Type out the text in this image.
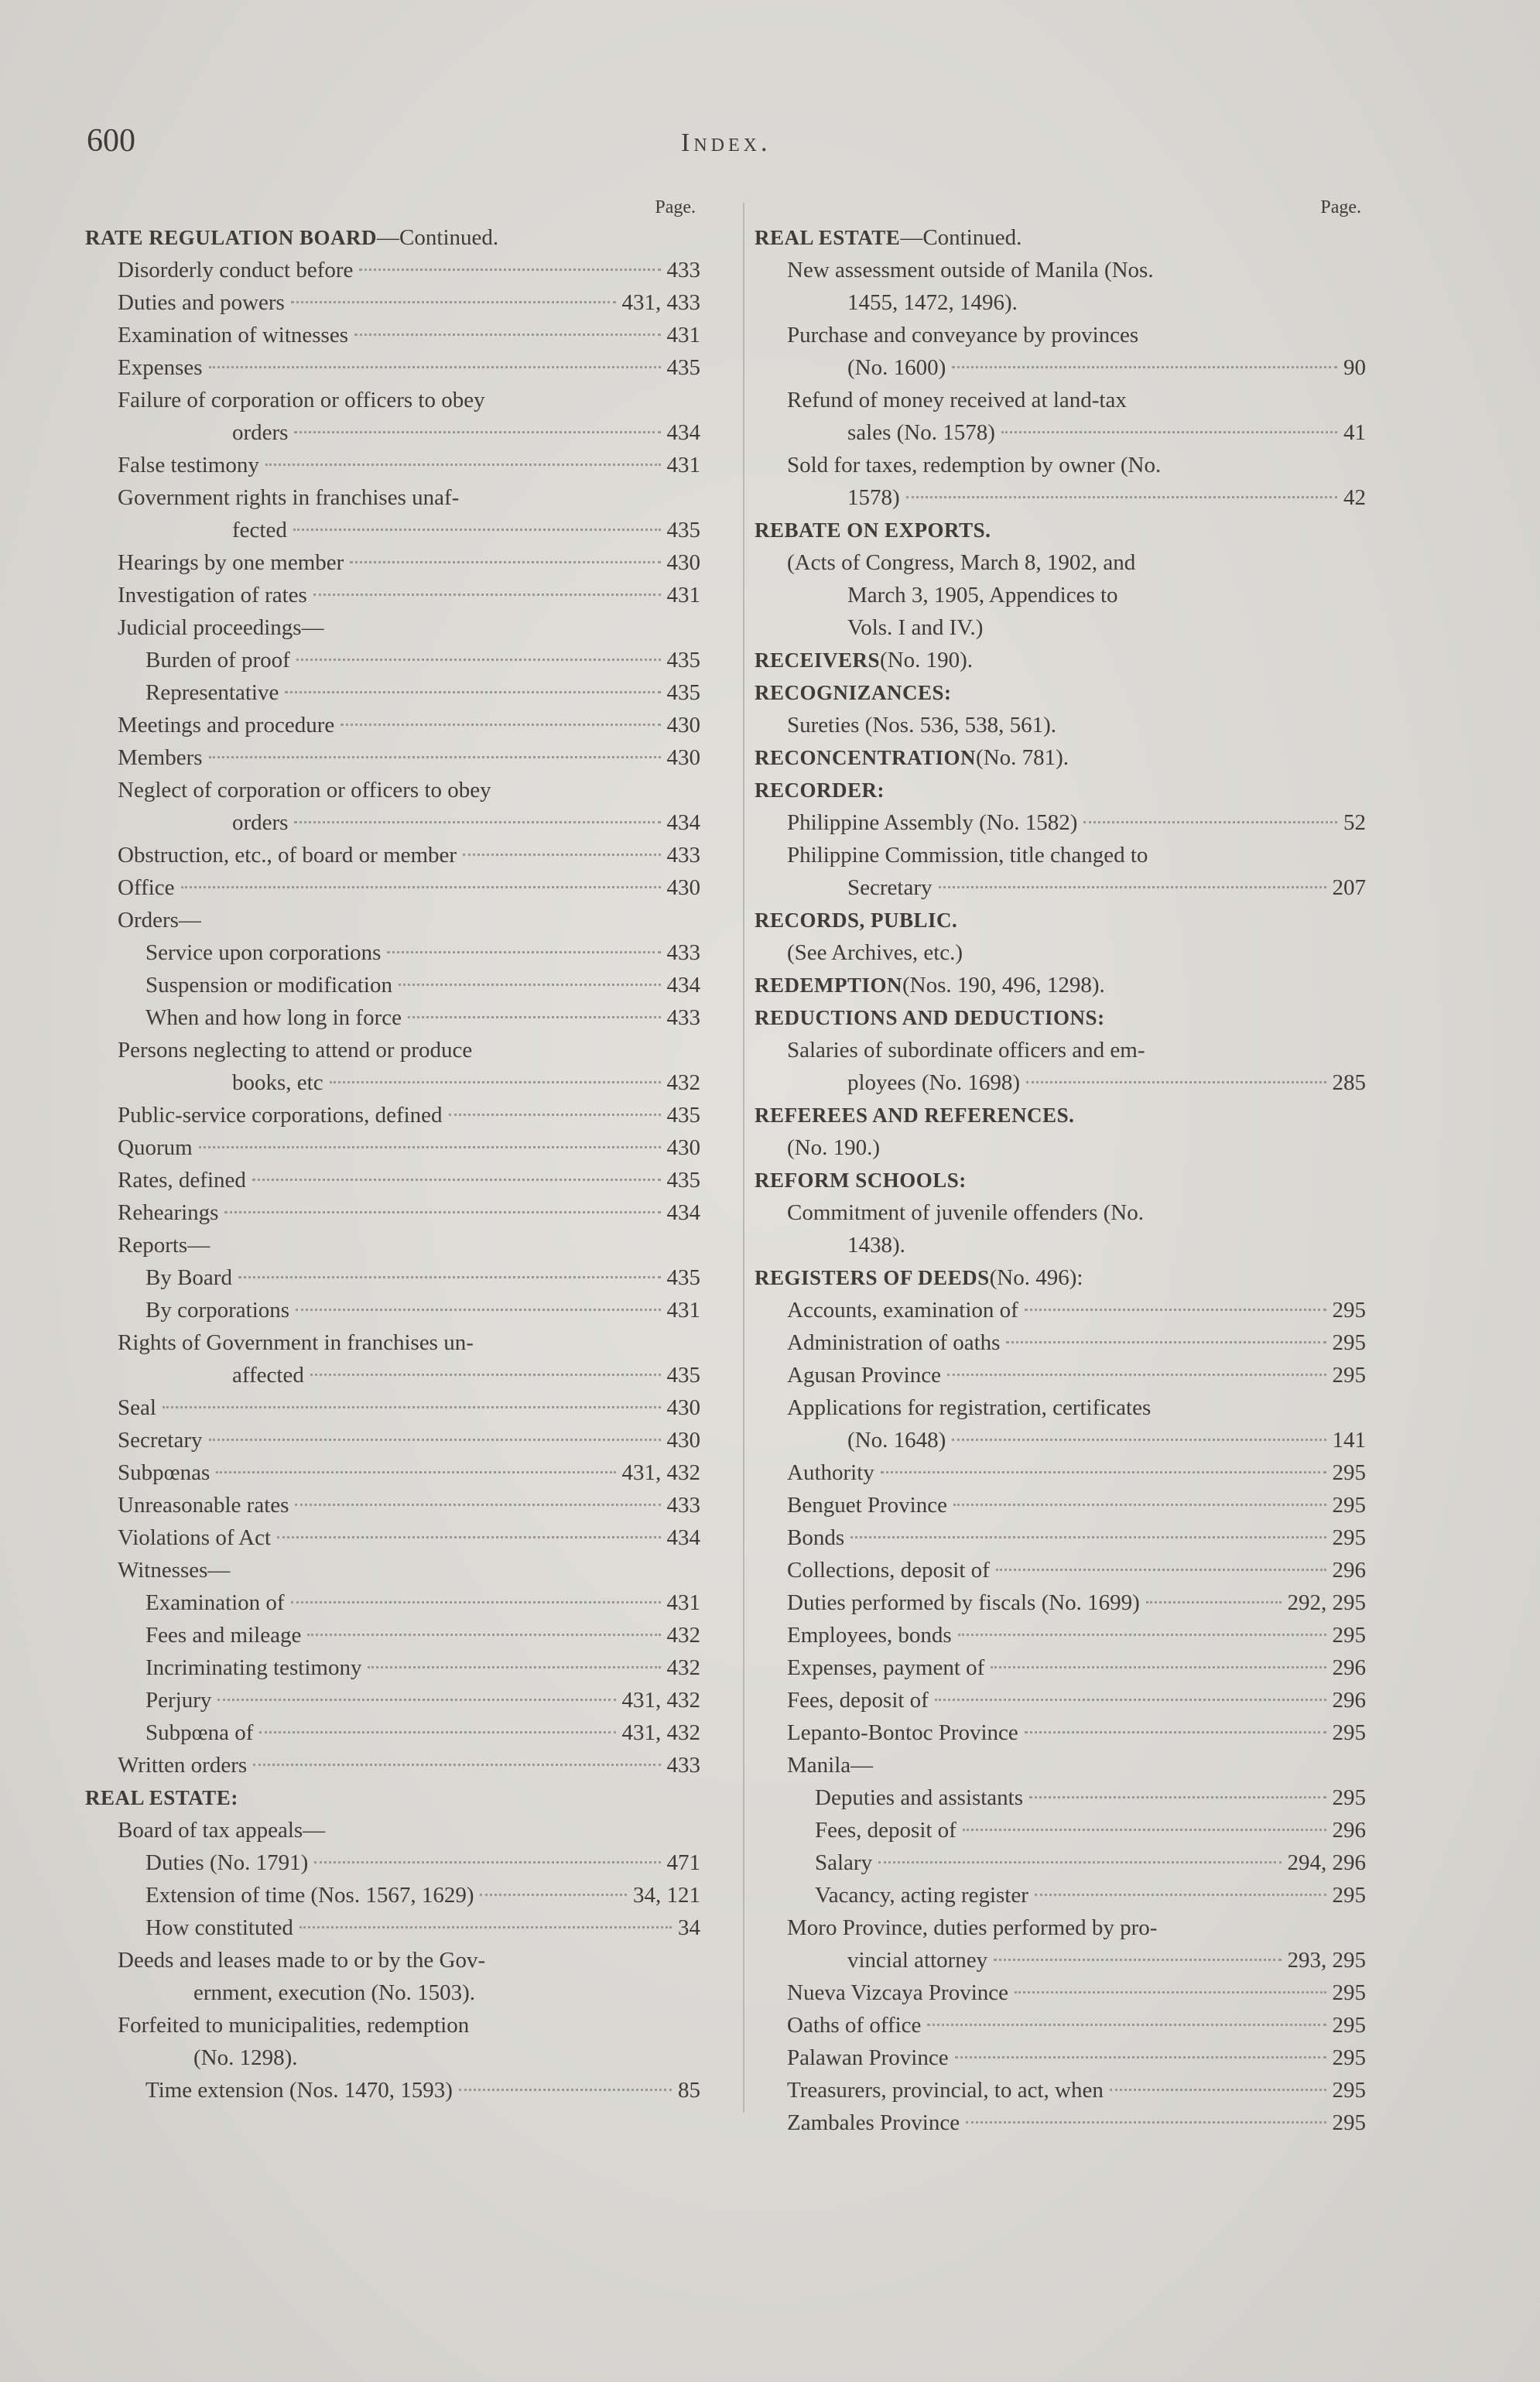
600	Index.
Page.
RATE REGULATION BOARD —Continued.
Disorderly conduct before	433
Duties and powers	431, 433
Examination of witnesses	431
Expenses	435
Failure of corporation or officers to obey
orders	434
False testimony	431
Government rights in franchises unaf-
fected	435
Hearings by one member	430
Investigation of rates	431
Judicial proceedings—
Burden of proof	435
Representative	435
Meetings and procedure	430
Members	430
Neglect of corporation or officers to obey
orders	434
Obstruction, etc., of board or member	433
Office	430
Orders—
Service upon corporations	433
Suspension or modification	434
When and how long in force	433
Persons neglecting to attend or produce
books, etc	432
Public-service corporations, defined	435
Quorum	430
Rates, defined	435
Rehearings	434
Reports—
By Board	435
By corporations	431
Rights of Government in franchises un-
affected	435
Seal	430
Secretary	430
Subpœnas	431, 432
Unreasonable rates	433
Violations of Act	434
Witnesses—
Examination of	431
Fees and mileage	432
Incriminating testimony	432
Perjury	431, 432
Subpœna of	431, 432
Written orders	433
REAL ESTATE:
Board of tax appeals—
Duties (No. 1791)	471
Extension of time (Nos. 1567, 1629)	34, 121
How constituted	34
Deeds and leases made to or by the Gov-
ernment, execution (No. 1503).
Forfeited to municipalities, redemption
(No. 1298).
Time extension (Nos. 1470, 1593)	85
Page.
REAL ESTATE —Continued.
New assessment outside of Manila (Nos.
1455, 1472, 1496).
Purchase and conveyance by provinces
(No. 1600)	90
Refund of money received at land-tax
sales (No. 1578)	41
Sold for taxes, redemption by owner (No.
1578)	42
REBATE ON EXPORTS.
(Acts of Congress, March 8, 1902, and
March 3, 1905, Appendices to
Vols. I and IV.)
RECEIVERS (No. 190).
RECOGNIZANCES:
Sureties (Nos. 536, 538, 561).
RECONCENTRATION (No. 781).
RECORDER:
Philippine Assembly (No. 1582)	52
Philippine Commission, title changed to
Secretary	207
RECORDS, PUBLIC.
(See Archives, etc.)
REDEMPTION (Nos. 190, 496, 1298).
REDUCTIONS AND DEDUCTIONS:
Salaries of subordinate officers and em-
ployees (No. 1698)	285
REFEREES AND REFERENCES.
(No. 190.)
REFORM SCHOOLS:
Commitment of juvenile offenders (No.
1438).
REGISTERS OF DEEDS (No. 496):
Accounts, examination of	295
Administration of oaths	295
Agusan Province	295
Applications for registration, certificates
(No. 1648)	141
Authority	295
Benguet Province	295
Bonds	295
Collections, deposit of	296
Duties performed by fiscals (No. 1699)	292, 295
Employees, bonds	295
Expenses, payment of	296
Fees, deposit of	296
Lepanto-Bontoc Province	295
Manila—
Deputies and assistants	295
Fees, deposit of	296
Salary	294, 296
Vacancy, acting register	295
Moro Province, duties performed by pro-
vincial attorney	293, 295
Nueva Vizcaya Province	295
Oaths of office	295
Palawan Province	295
Treasurers, provincial, to act, when	295
Zambales Province	295
